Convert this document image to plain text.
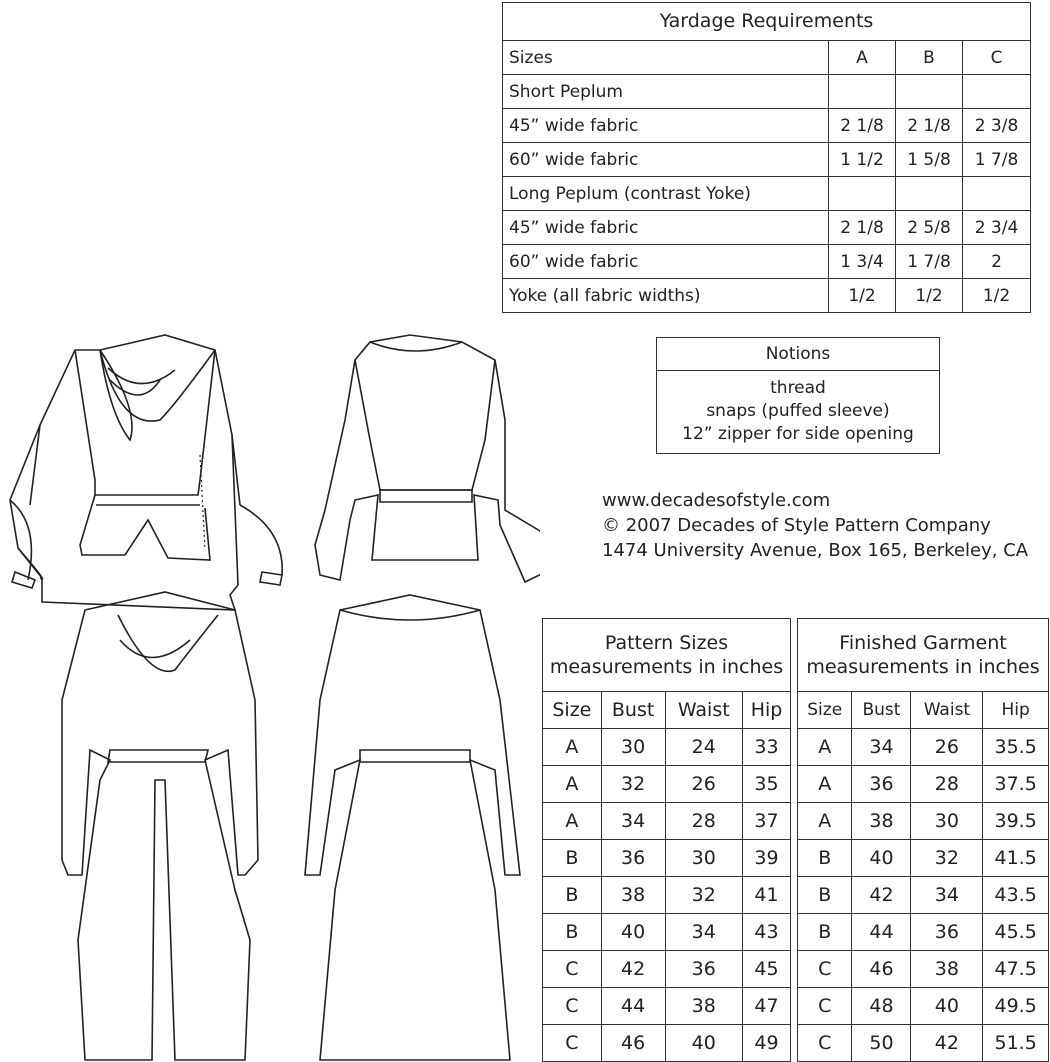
Yardage Requirements
Sizes	A	B	C
Short Peplum			
45” wide fabric	2 1/8	2 1/8	2 3/8
60” wide fabric	1 1/2	1 5/8	1 7/8
Long Peplum (contrast Yoke)			
45” wide fabric	2 1/8	2 5/8	2 3/4
60” wide fabric	1 3/4	1 7/8	2
Yoke (all fabric widths)	1/2	1/2	1/2
Notions
thread
snaps (puffed sleeve)
12” zipper for side opening
www.decadesofstyle.com
© 2007 Decades of Style Pattern Company
1474 University Avenue, Box 165, Berkeley, CA
Pattern Sizes
measurements in inches			

Size	Bust	Waist	Hip
A	30	24	33
A	32	26	35
A	34	28	37
B	36	30	39
B	38	32	41
B	40	34	43
C	42	36	45
C	44	38	47
C	46	40	49
Finished Garment
measurements in inches			

Size	Bust	Waist	Hip
A	34	26	35.5
A	36	28	37.5
A	38	30	39.5
B	40	32	41.5
B	42	34	43.5
B	44	36	45.5
C	46	38	47.5
C	48	40	49.5
C	50	42	51.5
